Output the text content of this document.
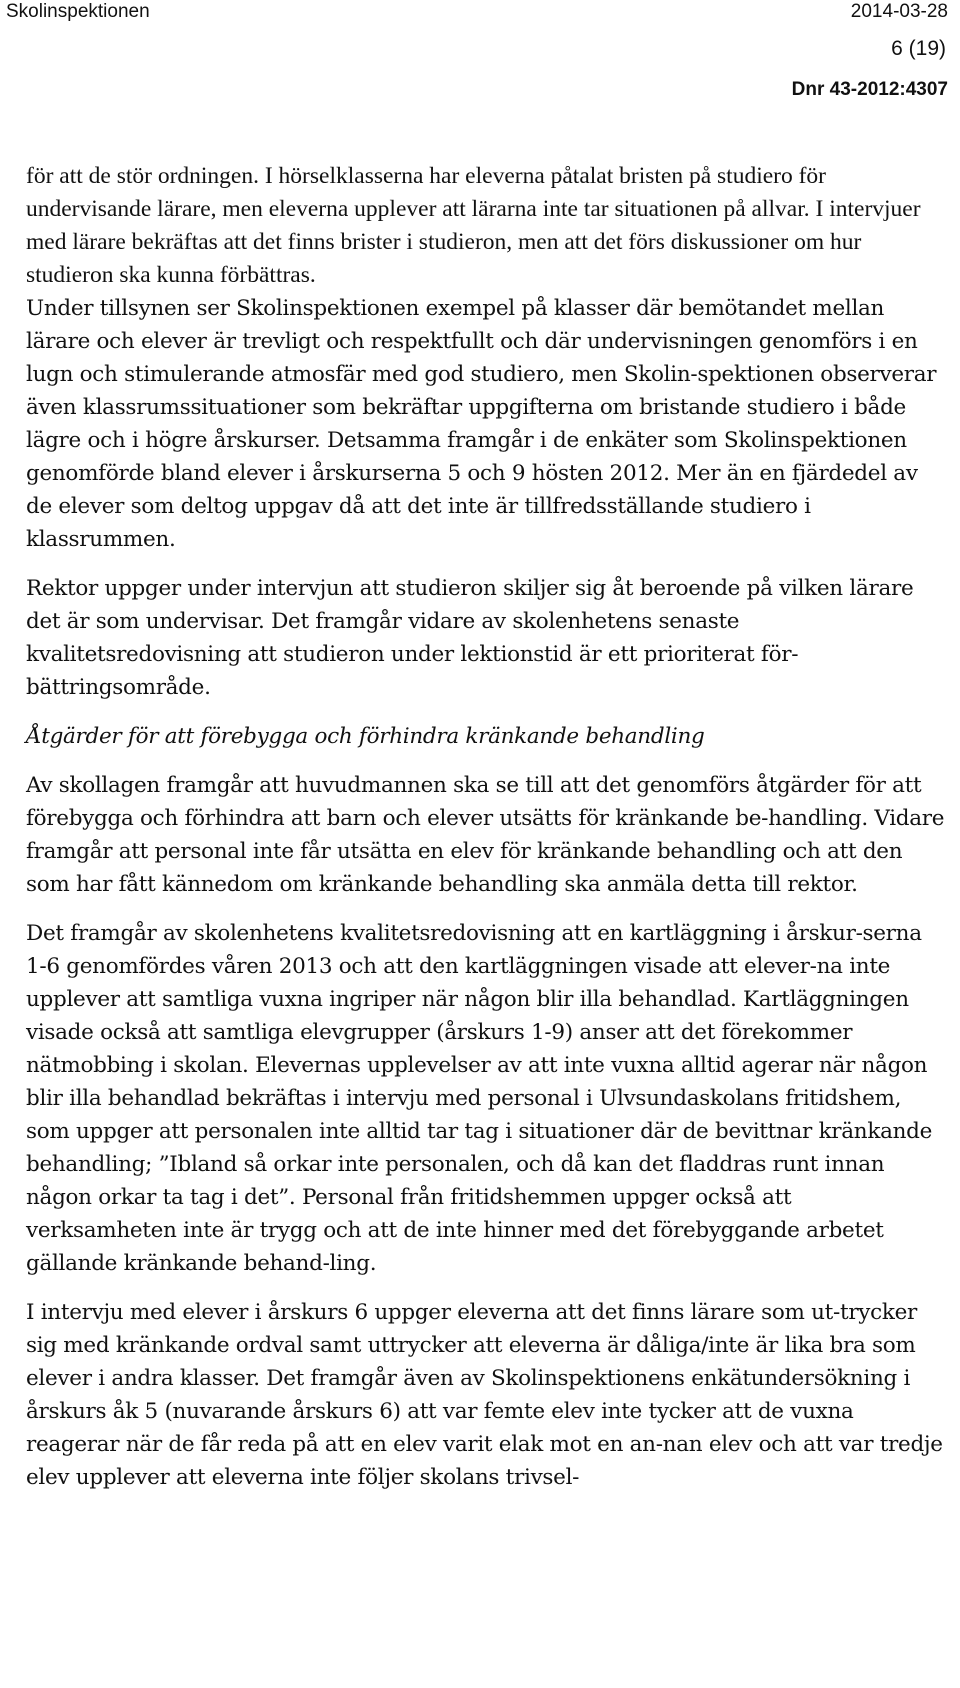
Skolinspektionen	2014-03-28
6 (19)
Dnr 43-2012:4307

för att de stör ordningen. I hörselklasserna har eleverna påtalat bristen på studiero för undervisande lärare, men eleverna upplever att lärarna inte tar situationen på allvar. I intervjuer med lärare bekräftas att det finns brister i studieron, men att det förs diskussioner om hur studieron ska kunna förbättras.

Under tillsynen ser Skolinspektionen exempel på klasser där bemötandet mellan lärare och elever är trevligt och respektfullt och där undervisningen genomförs i en lugn och stimulerande atmosfär med god studiero, men Skolin-spektionen observerar även klassrumssituationer som bekräftar uppgifterna om bristande studiero i både lägre och i högre årskurser. Detsamma framgår i de enkäter som Skolinspektionen genomförde bland elever i årskurserna 5 och 9 hösten 2012. Mer än en fjärdedel av de elever som deltog uppgav då att det inte är tillfredsställande studiero i klassrummen.

Rektor uppger under intervjun att studieron skiljer sig åt beroende på vilken lärare det är som undervisar. Det framgår vidare av skolenhetens senaste kvalitetsredovisning att studieron under lektionstid är ett prioriterat för-bättringsområde.

Åtgärder för att förebygga och förhindra kränkande behandling

Av skollagen framgår att huvudmannen ska se till att det genomförs åtgärder för att förebygga och förhindra att barn och elever utsätts för kränkande be-handling. Vidare framgår att personal inte får utsätta en elev för kränkande behandling och att den som har fått kännedom om kränkande behandling ska anmäla detta till rektor.

Det framgår av skolenhetens kvalitetsredovisning att en kartläggning i årskur-serna 1-6 genomfördes våren 2013 och att den kartläggningen visade att elever-na inte upplever att samtliga vuxna ingriper när någon blir illa behandlad. Kartläggningen visade också att samtliga elevgrupper (årskurs 1-9) anser att det förekommer nätmobbing i skolan. Elevernas upplevelser av att inte vuxna alltid agerar när någon blir illa behandlad bekräftas i intervju med personal i Ulvsundaskolans fritidshem, som uppger att personalen inte alltid tar tag i situationer där de bevittnar kränkande behandling; ”Ibland så orkar inte personalen, och då kan det fladdras runt innan någon orkar ta tag i det”. Personal från fritidshemmen uppger också att verksamheten inte är trygg och att de inte hinner med det förebyggande arbetet gällande kränkande behand-ling.

I intervju med elever i årskurs 6 uppger eleverna att det finns lärare som ut-trycker sig med kränkande ordval samt uttrycker att eleverna är dåliga/inte är lika bra som elever i andra klasser. Det framgår även av Skolinspektionens enkätundersökning i årskurs åk 5 (nuvarande årskurs 6) att var femte elev inte tycker att de vuxna reagerar när de får reda på att en elev varit elak mot en an-nan elev och att var tredje elev upplever att eleverna inte följer skolans trivsel-
